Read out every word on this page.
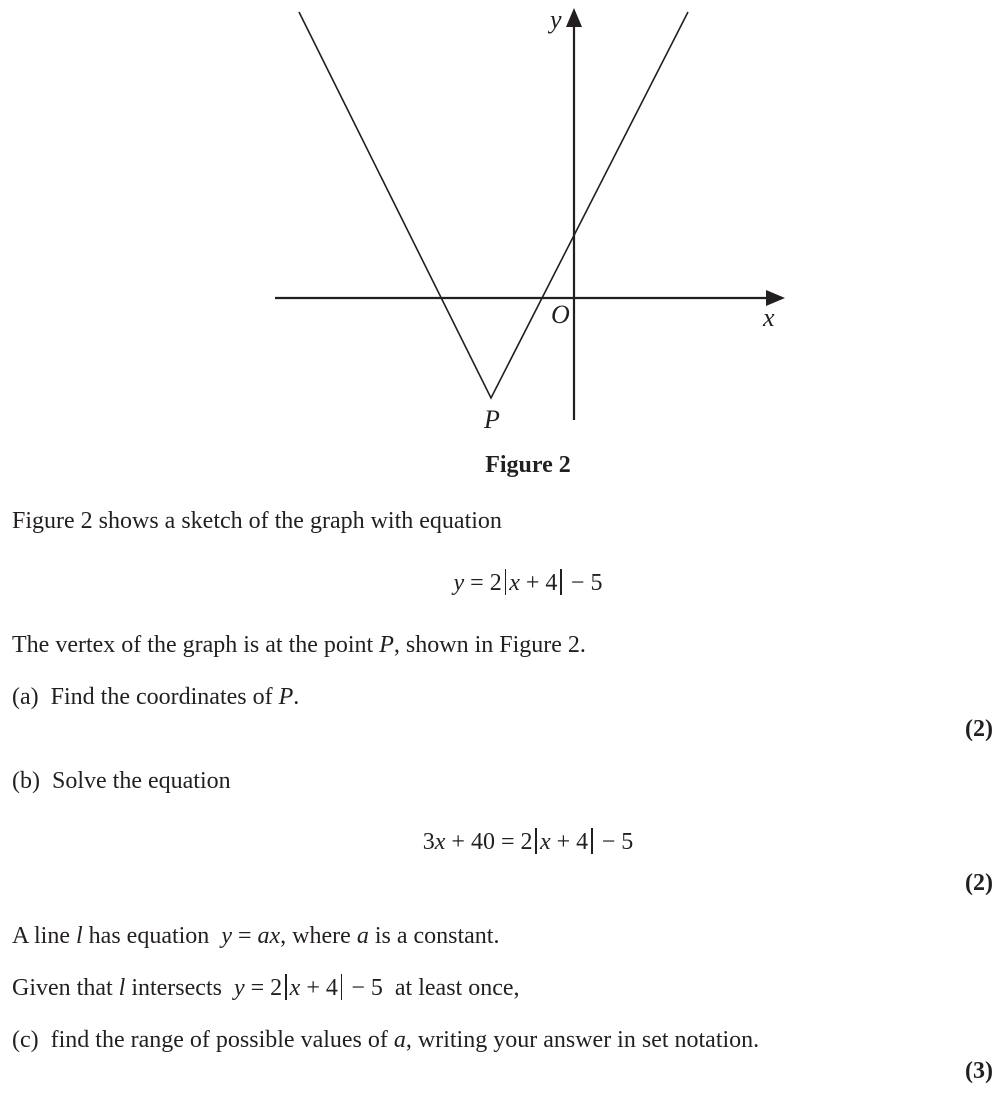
y
x
O
P
Figure 2
Figure 2 shows a sketch of the graph with equation
y = 2 x + 4 − 5
The vertex of the graph is at the point P, shown in Figure 2.
(a) Find the coordinates of P.
(2)
(b) Solve the equation
3x + 40 = 2 x + 4 − 5
(2)
A line l has equation  y = ax, where a is a constant.
Given that l intersects  y = 2 x + 4 − 5  at least once,
(c) find the range of possible values of a, writing your answer in set notation.
(3)
